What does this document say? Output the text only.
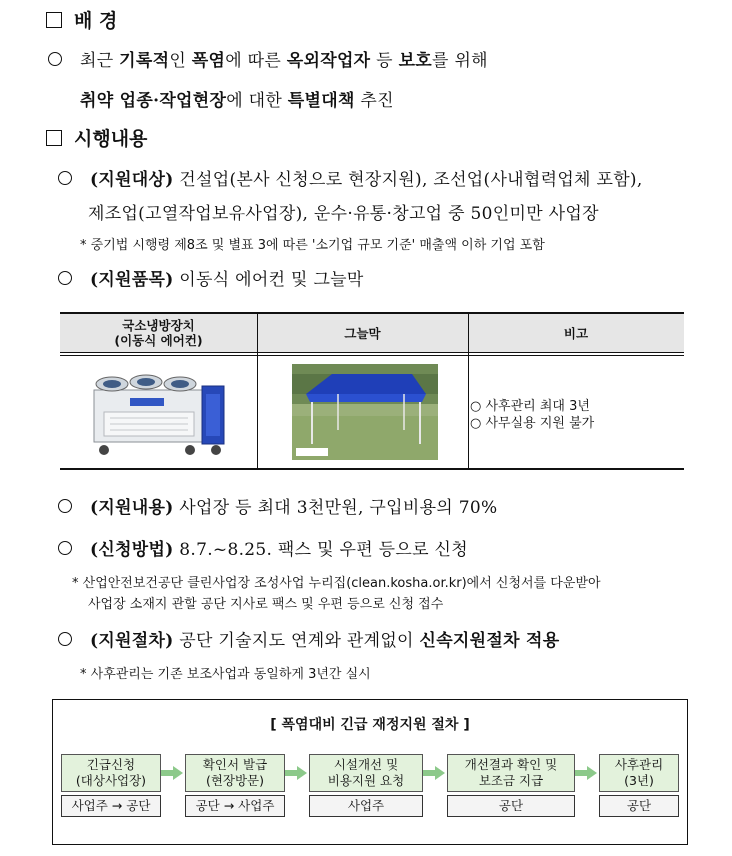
배 경
최근 기록적인 폭염에 따른 옥외작업자 등 보호를 위해
취약 업종·작업현장에 대한 특별대책 추진
시행내용
(지원대상) 건설업(본사 신청으로 현장지원), 조선업(사내협력업체 포함),
제조업(고열작업보유사업장), 운수·유통·창고업 중 50인미만 사업장
* 중기법 시행령 제8조 및 별표 3에 따른 '소기업 규모 기준' 매출액 이하 기업 포함
(지원품목) 이동식 에어컨 및 그늘막
국소냉방장치
(이동식 에어컨)	그늘막	비고
○ 사후관리 최대 3년
○ 사무실용 지원 불가
(지원내용) 사업장 등 최대 3천만원, 구입비용의 70%
(신청방법) 8.7.~8.25. 팩스 및 우편 등으로 신청
* 산업안전보건공단 클린사업장 조성사업 누리집(clean.kosha.or.kr)에서 신청서를 다운받아
사업장 소재지 관할 공단 지사로 팩스 및 우편 등으로 신청 접수
(지원절차) 공단 기술지도 연계와 관계없이 신속지원절차 적용
* 사후관리는 기존 보조사업과 동일하게 3년간 실시
[ 폭염대비 긴급 재정지원 절차 ]
긴급신청
(대상사업장)
사업주 → 공단
확인서 발급
(현장방문)
공단 → 사업주
시설개선 및
비용지원 요청
사업주
개선결과 확인 및
보조금 지급
공단
사후관리
(3년)
공단
